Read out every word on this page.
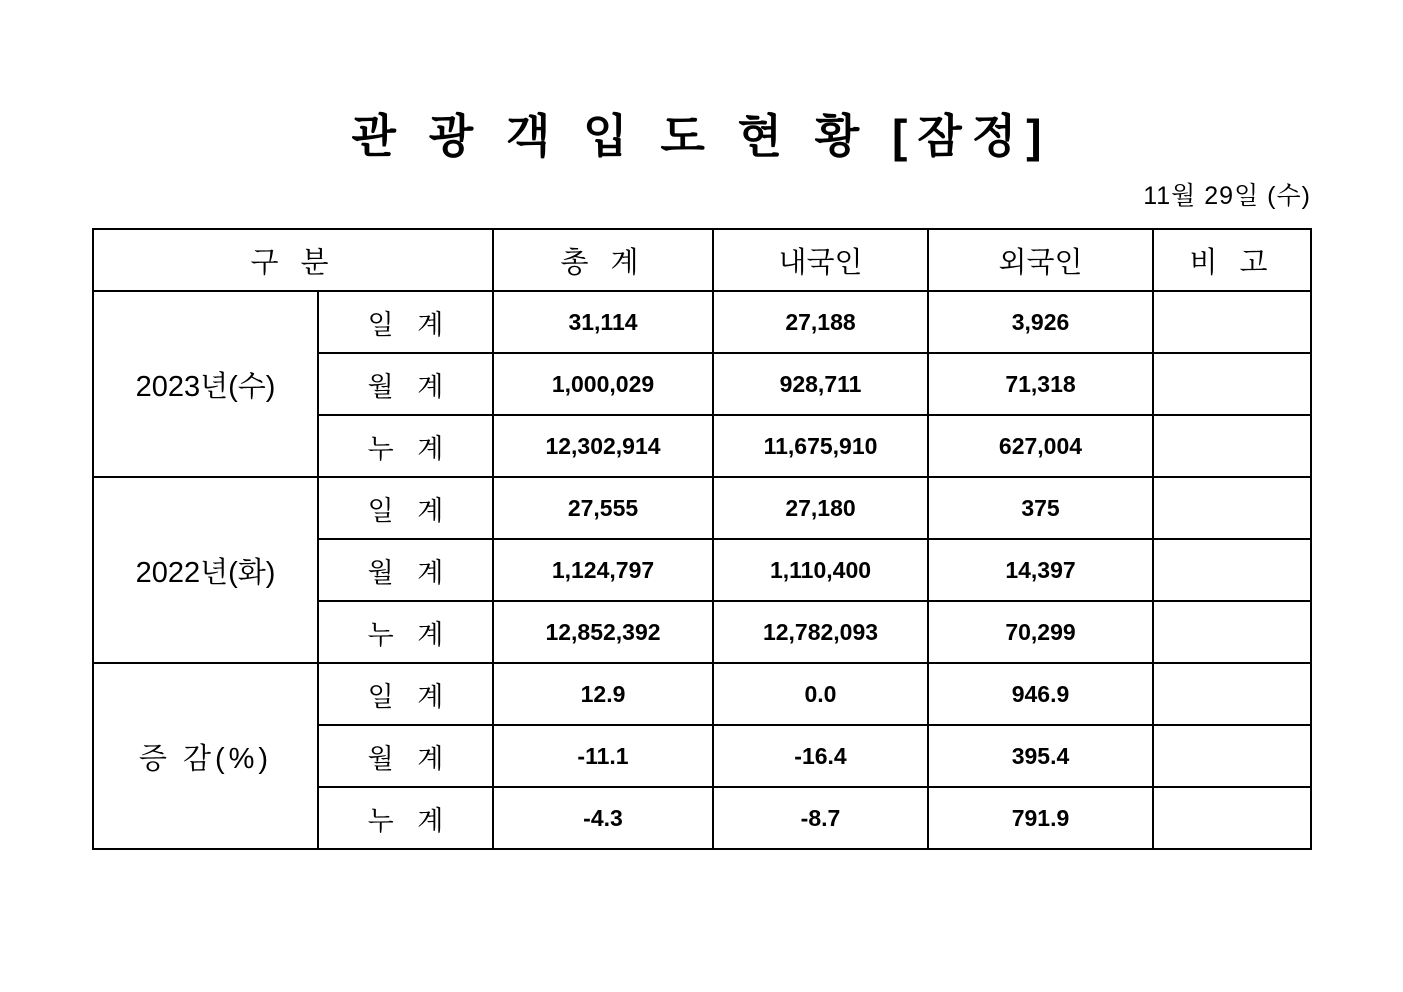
관 광 객 입 도 현 황 [잠정]
11월 29일 (수)
구 분		총 계	내국인	외국인	비 고
2023년(수)	일 계	31,114	27,188	3,926	
	월 계	1,000,029	928,711	71,318	
	누 계	12,302,914	11,675,910	627,004	
2022년(화)	일 계	27,555	27,180	375	
	월 계	1,124,797	1,110,400	14,397	
	누 계	12,852,392	12,782,093	70,299	
증 감(%)	일 계	12.9	0.0	946.9	
	월 계	-11.1	-16.4	395.4	
	누 계	-4.3	-8.7	791.9	
